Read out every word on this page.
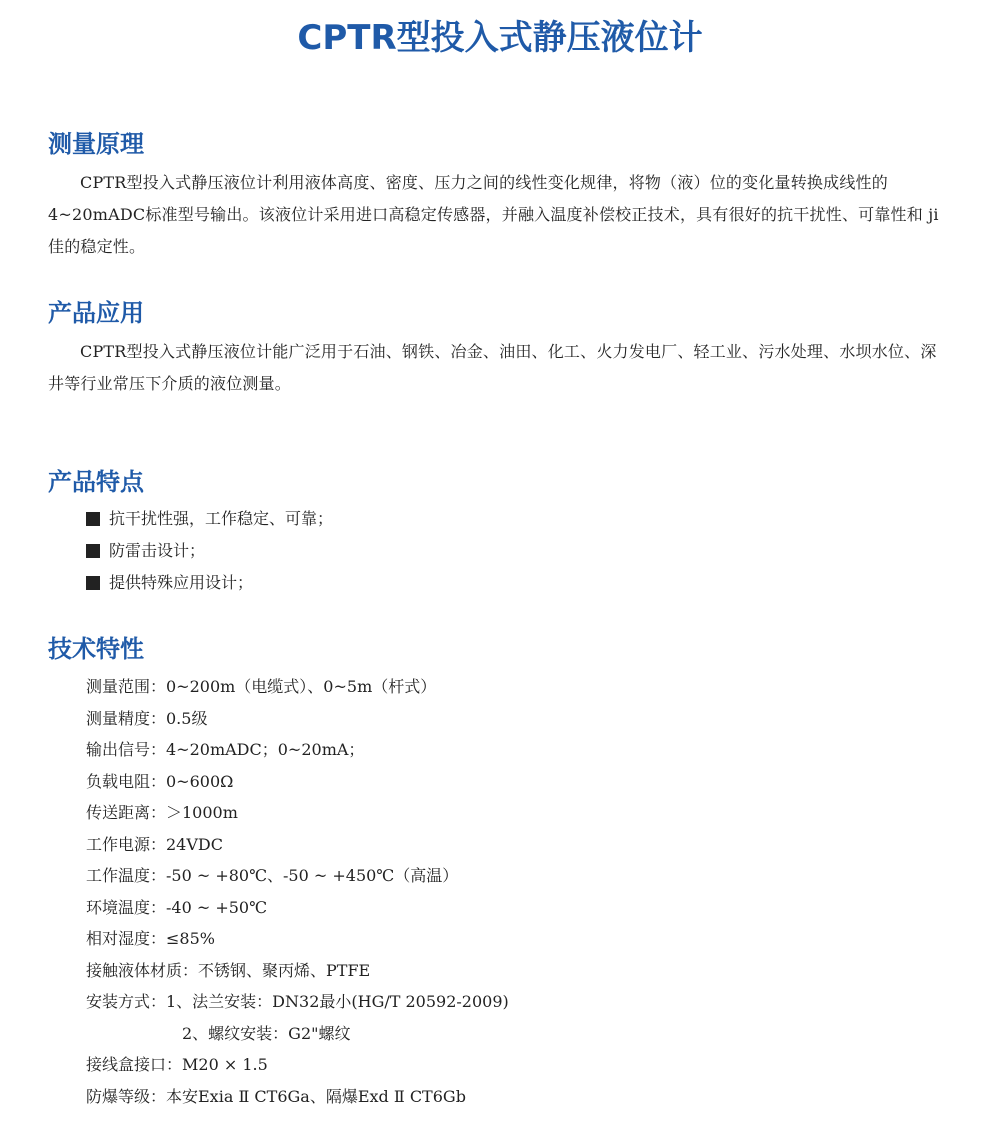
CPTR型投入式静压液位计
测量原理

CPTR型投入式静压液位计利用液体高度、密度、压力之间的线性变化规律，将物（液）位的变化量转换成线性的4~20mADC标准型号输出。该液位计采用进口高稳定传感器，并融入温度补偿校正技术，具有很好的抗干扰性、可靠性和 ji 佳的稳定性。

产品应用

CPTR型投入式静压液位计能广泛用于石油、钢铁、冶金、油田、化工、火力发电厂、轻工业、污水处理、水坝水位、深井等行业常压下介质的液位测量。

产品特点
抗干扰性强，工作稳定、可靠；
防雷击设计；
提供特殊应用设计；
技术特性
测量范围：0~200m（电缆式）、0~5m（杆式）
测量精度：0.5级
输出信号：4~20mADC；0~20mA；
负载电阻：0~600Ω
传送距离：＞1000m
工作电源：24VDC
工作温度：-50 ~ +80℃、-50 ~ +450℃（高温）
环境温度：-40 ~ +50℃
相对湿度：≤85%
接触液体材质：不锈钢、聚丙烯、PTFE
安装方式：1、法兰安装：DN32最小(HG/T 20592-2009)
2、螺纹安装：G2"螺纹
接线盒接口：M20 × 1.5
防爆等级：本安Exia Ⅱ CT6Ga、隔爆Exd Ⅱ CT6Gb
